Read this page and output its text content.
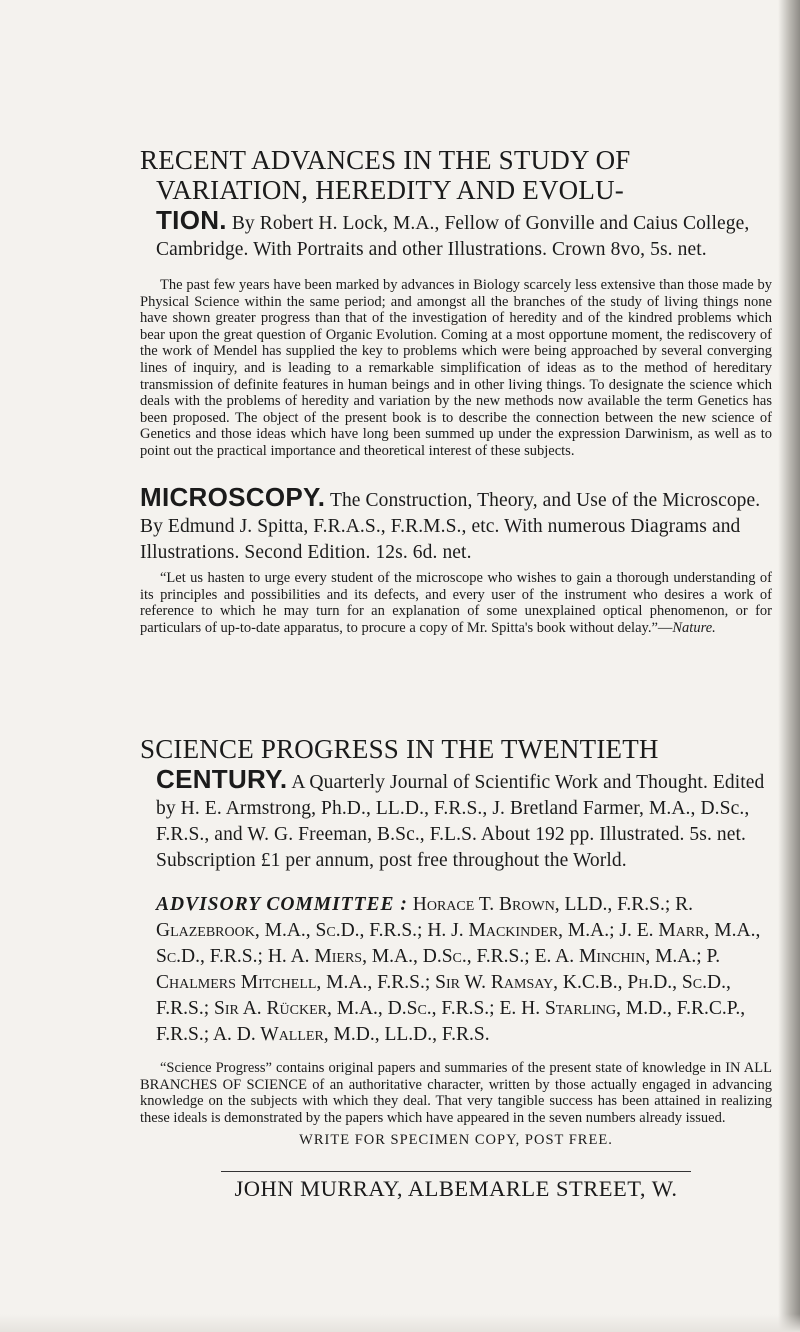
RECENT ADVANCES IN THE STUDY OF
VARIATION, HEREDITY AND EVOLU-

TION. By Robert H. Lock, M.A., Fellow of Gonville and Caius College, Cambridge. With Portraits and other Illustrations. Crown 8vo, 5s. net.

The past few years have been marked by advances in Biology scarcely less extensive than those made by Physical Science within the same period; and amongst all the branches of the study of living things none have shown greater progress than that of the investigation of heredity and of the kindred problems which bear upon the great question of Organic Evolution. Coming at a most opportune moment, the rediscovery of the work of Mendel has supplied the key to problems which were being approached by several converging lines of inquiry, and is leading to a remarkable simplification of ideas as to the method of hereditary transmission of definite features in human beings and in other living things. To designate the science which deals with the problems of heredity and variation by the new methods now available the term Genetics has been proposed. The object of the present book is to describe the connection between the new science of Genetics and those ideas which have long been summed up under the expression Darwinism, as well as to point out the practical importance and theoretical interest of these subjects.

MICROSCOPY. The Construction, Theory, and Use of the Microscope. By Edmund J. Spitta, F.R.A.S., F.R.M.S., etc. With numerous Diagrams and Illustrations. Second Edition. 12s. 6d. net.

“Let us hasten to urge every student of the microscope who wishes to gain a thorough understanding of its principles and possibilities and its defects, and every user of the instrument who desires a work of reference to which he may turn for an explanation of some unexplained optical phenomenon, or for particulars of up-to-date apparatus, to procure a copy of Mr. Spitta's book without delay.”—Nature.

SCIENCE PROGRESS IN THE TWENTIETH

CENTURY. A Quarterly Journal of Scientific Work and Thought. Edited by H. E. Armstrong, Ph.D., LL.D., F.R.S., J. Bretland Farmer, M.A., D.Sc., F.R.S., and W. G. Freeman, B.Sc., F.L.S. About 192 pp. Illustrated. 5s. net. Subscription £1 per annum, post free throughout the World.

ADVISORY COMMITTEE : Horace T. Brown, LLD., F.R.S.; R. Glazebrook, M.A., Sc.D., F.R.S.; H. J. Mackinder, M.A.; J. E. Marr, M.A., Sc.D., F.R.S.; H. A. Miers, M.A., D.Sc., F.R.S.; E. A. Minchin, M.A.; P. Chalmers Mitchell, M.A., F.R.S.; Sir W. Ramsay, K.C.B., Ph.D., Sc.D., F.R.S.; Sir A. Rücker, M.A., D.Sc., F.R.S.; E. H. Starling, M.D., F.R.C.P., F.R.S.; A. D. Waller, M.D., LL.D., F.R.S.

“Science Progress” contains original papers and summaries of the present state of knowledge in IN ALL BRANCHES OF SCIENCE of an authoritative character, written by those actually engaged in advancing knowledge on the subjects with which they deal. That very tangible success has been attained in realizing these ideals is demonstrated by the papers which have appeared in the seven numbers already issued.

WRITE FOR SPECIMEN COPY, POST FREE.

JOHN MURRAY, ALBEMARLE STREET, W.
